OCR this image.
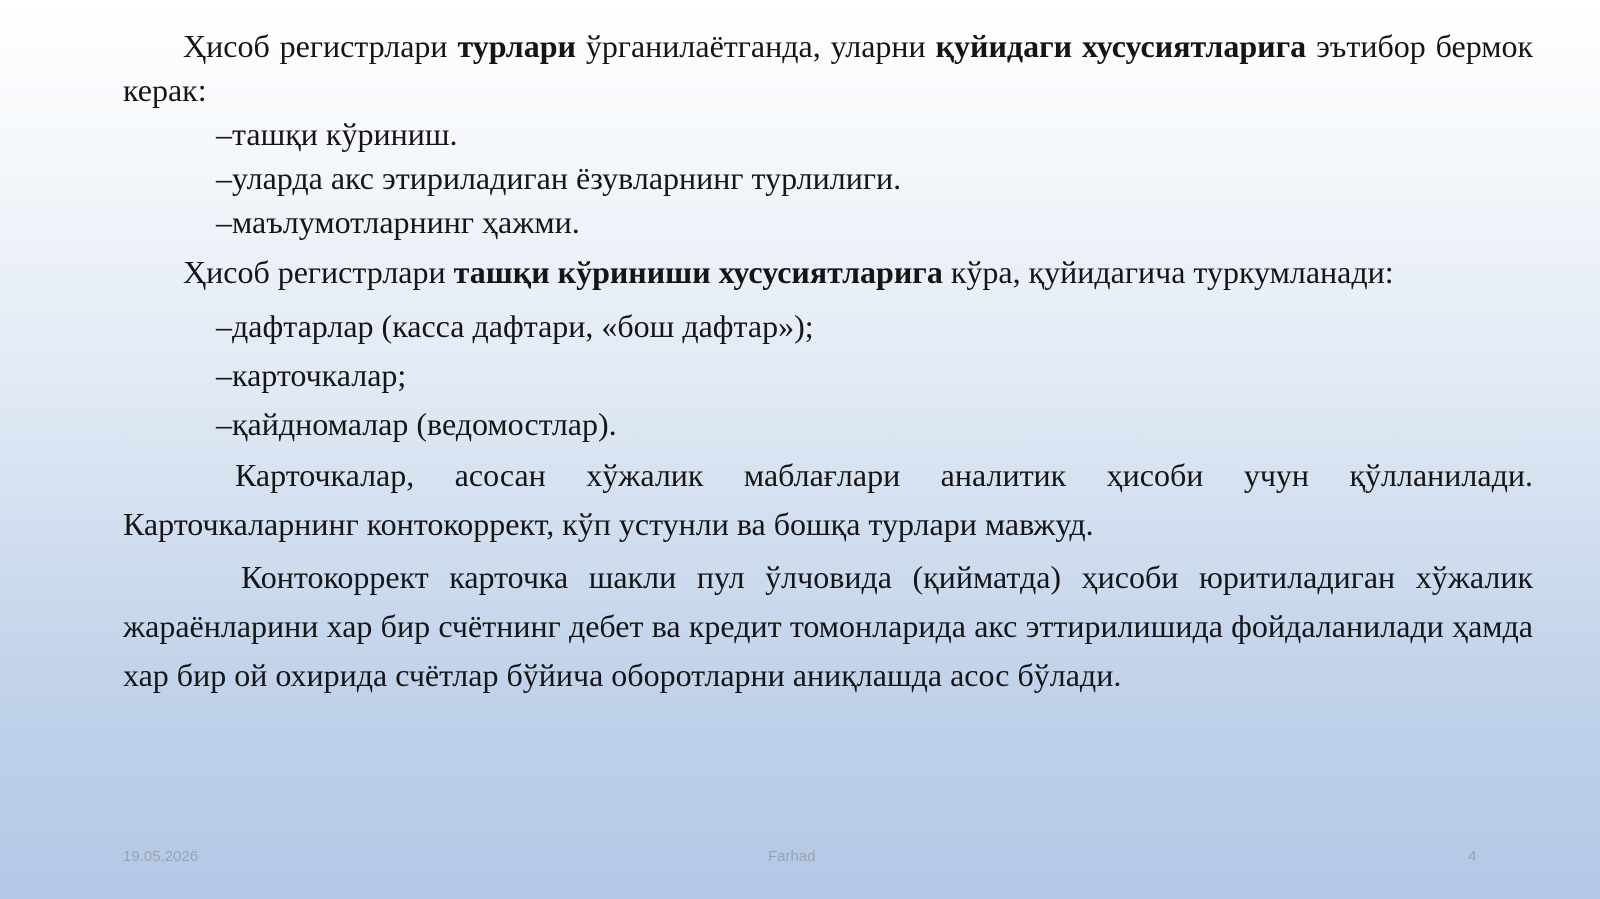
Ҳисоб регистрлари турлари ўрганилаётганда, уларни қуйидаги хусусиятларига эътибор бермок керак:

–ташқи кўриниш.

–уларда акс этириладиган ёзувларнинг турлилиги.

–маълумотларнинг ҳажми.

Ҳисоб регистрлари ташқи кўриниши хусусиятларига кўра, қуйидагича туркумланади:

–дафтарлар (касса дафтари, «бош дафтар»);

–карточкалар;

–қайдномалар (ведомостлар).

Карточкалар, асосан хўжалик маблағлари аналитик ҳисоби учун қўлланилади. Карточкаларнинг контокоррект, кўп устунли ва бошқа турлари мавжуд.

Контокоррект карточка шакли пул ўлчовида (қийматда) ҳисоби юритиладиган хўжалик жараёнларини хар бир счётнинг дебет ва кредит томонларида акс эттирилишида фойдаланилади ҳамда хар бир ой охирида счётлар бўйича оборотларни аниқлашда асос бўлади.

19.05.2026	Farhad	4
